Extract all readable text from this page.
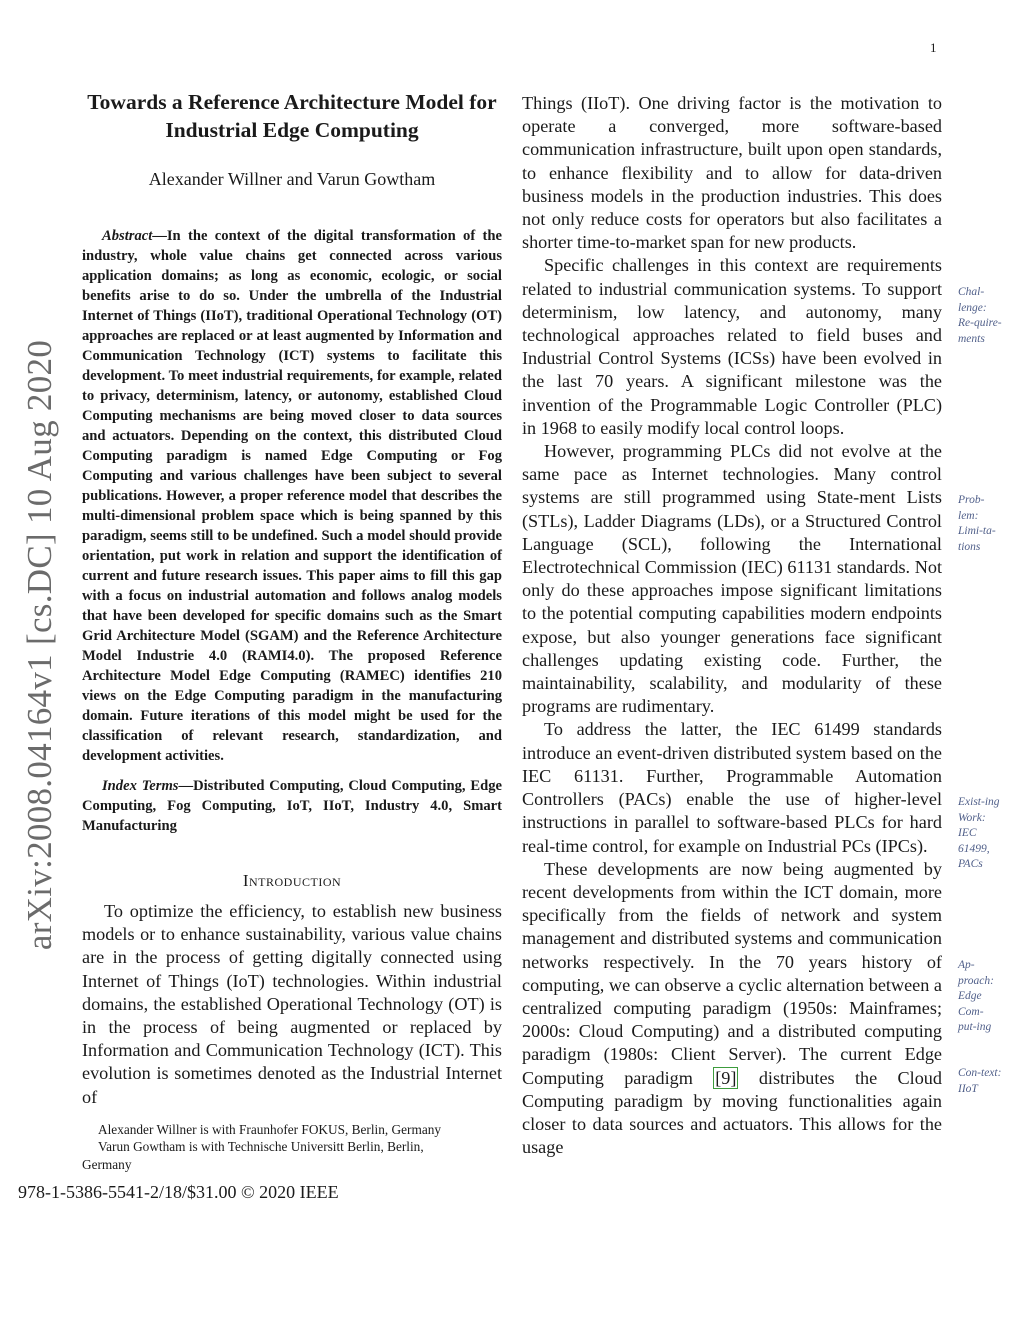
1
arXiv:2008.04164v1 [cs.DC] 10 Aug 2020
Towards a Reference Architecture Model for Industrial Edge Computing
Alexander Willner and Varun Gowtham

Abstract—In the context of the digital transformation of the industry, whole value chains get connected across various application domains; as long as economic, ecologic, or social benefits arise to do so. Under the umbrella of the Industrial Internet of Things (IIoT), traditional Operational Technology (OT) approaches are replaced or at least augmented by Information and Communication Technology (ICT) systems to facilitate this development. To meet industrial requirements, for example, related to privacy, determinism, latency, or autonomy, established Cloud Computing mechanisms are being moved closer to data sources and actuators. Depending on the context, this distributed Cloud Computing paradigm is named Edge Computing or Fog Computing and various challenges have been subject to several publications. However, a proper reference model that describes the multi-dimensional problem space which is being spanned by this paradigm, seems still to be undefined. Such a model should provide orientation, put work in relation and support the identification of current and future research issues. This paper aims to fill this gap with a focus on industrial automation and follows analog models that have been developed for specific domains such as the Smart Grid Architecture Model (SGAM) and the Reference Architecture Model Industrie 4.0 (RAMI4.0). The proposed Reference Architecture Model Edge Computing (RAMEC) identifies 210 views on the Edge Computing paradigm in the manufacturing domain. Future iterations of this model might be used for the classification of relevant research, standardization, and development activities.

Index Terms—Distributed Computing, Cloud Computing, Edge Computing, Fog Computing, IoT, IIoT, Industry 4.0, Smart Manufacturing

Introduction

To optimize the efficiency, to establish new business models or to enhance sustainability, various value chains are in the process of getting digitally connected using Internet of Things (IoT) technologies. Within industrial domains, the established Operational Technology (OT) is in the process of being augmented or replaced by Information and Communication Technology (ICT). This evolution is sometimes denoted as the Industrial Internet of

Alexander Willner is with Fraunhofer FOKUS, Berlin, Germany
Varun Gowtham is with Technische Universitt Berlin, Berlin,
Germany
978-1-5386-5541-2/18/$31.00 © 2020 IEEE

Things (IIoT). One driving factor is the motivation to operate a converged, more software-based communication infrastructure, built upon open standards, to enhance flexibility and to allow for data-driven business models in the production industries. This does not only reduce costs for operators but also facilitates a shorter time-to-market span for new products.

Specific challenges in this context are requirements related to industrial communication systems. To support determinism, low latency, and autonomy, many technological approaches related to field buses and Industrial Control Systems (ICSs) have been evolved in the last 70 years. A significant milestone was the invention of the Programmable Logic Controller (PLC) in 1968 to easily modify local control loops.

However, programming PLCs did not evolve at the same pace as Internet technologies. Many control systems are still programmed using State-ment Lists (STLs), Ladder Diagrams (LDs), or a Structured Control Language (SCL), following the International Electrotechnical Commission (IEC) 61131 standards. Not only do these approaches impose significant limitations to the potential computing capabilities modern endpoints expose, but also younger generations face significant challenges updating existing code. Further, the maintainability, scalability, and modularity of these programs are rudimentary.

To address the latter, the IEC 61499 standards introduce an event-driven distributed system based on the IEC 61131. Further, Programmable Automation Controllers (PACs) enable the use of higher-level instructions in parallel to software-based PLCs for hard real-time control, for example on Industrial PCs (IPCs).

These developments are now being augmented by recent developments from within the ICT domain, more specifically from the fields of network and system management and distributed systems and communication networks respectively. In the 70 years history of computing, we can observe a cyclic alternation between a centralized computing paradigm (1950s: Mainframes; 2000s: Cloud Computing) and a distributed computing paradigm (1980s: Client Server). The current Edge Computing paradigm [9] distributes the Cloud Computing paradigm by moving functionalities again closer to data sources and actuators. This allows for the usage

Chal-lenge: Re-quire-ments
Prob-lem: Limi-ta-tions
Exist-ing Work: IEC 61499, PACs
Ap-proach: Edge Com-put-ing
Con-text: IIoT
